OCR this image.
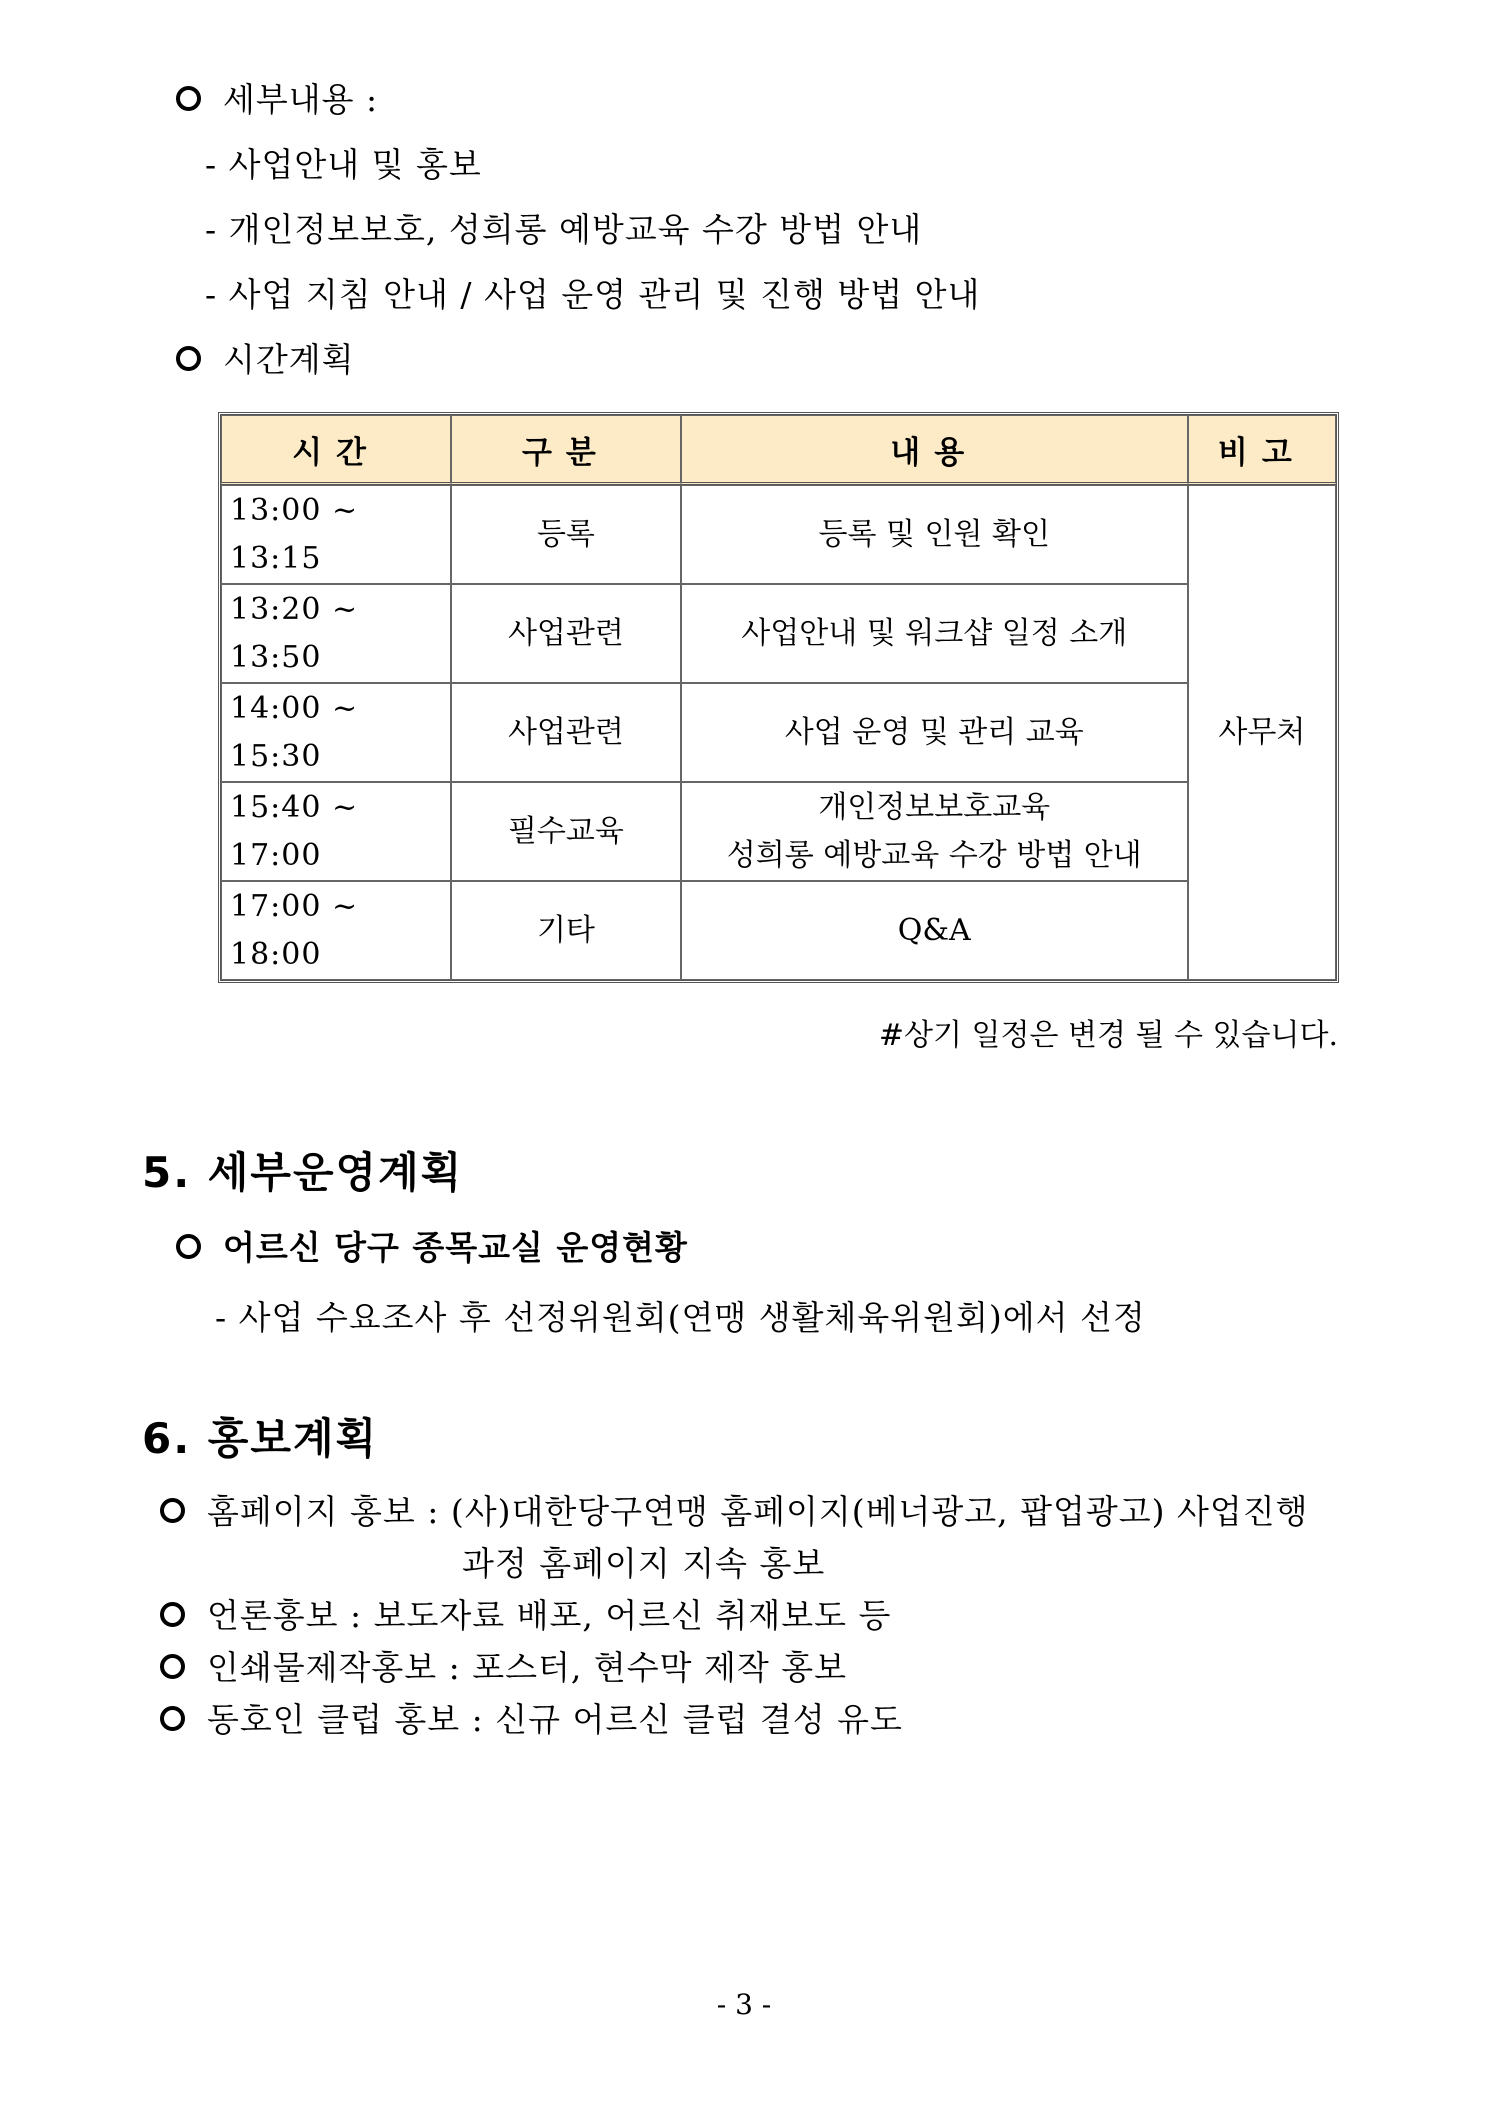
세부내용 :
- 사업안내 및 홍보
- 개인정보보호, 성희롱 예방교육 수강 방법 안내
- 사업 지침 안내 / 사업 운영 관리 및 진행 방법 안내
시간계획
시간	구분	내용	비고
13:00 ~ 13:15	등록	등록 및 인원 확인	사무처
13:20 ~ 13:50	사업관련	사업안내 및 워크샵 일정 소개	
14:00 ~ 15:30	사업관련	사업 운영 및 관리 교육	
15:40 ~ 17:00	필수교육	개인정보보호교육
성희롱 예방교육 수강 방법 안내	

17:00 ~ 18:00	기타	Q&A	
#상기 일정은 변경 될 수 있습니다.
5. 세부운영계획
어르신 당구 종목교실 운영현황
- 사업 수요조사 후 선정위원회(연맹 생활체육위원회)에서 선정
6. 홍보계획
홈페이지 홍보 : (사)대한당구연맹 홈페이지(베너광고, 팝업광고) 사업진행
과정 홈페이지 지속 홍보
언론홍보 : 보도자료 배포, 어르신 취재보도 등
인쇄물제작홍보 : 포스터, 현수막 제작 홍보
동호인 클럽 홍보 : 신규 어르신 클럽 결성 유도
- 3 -
